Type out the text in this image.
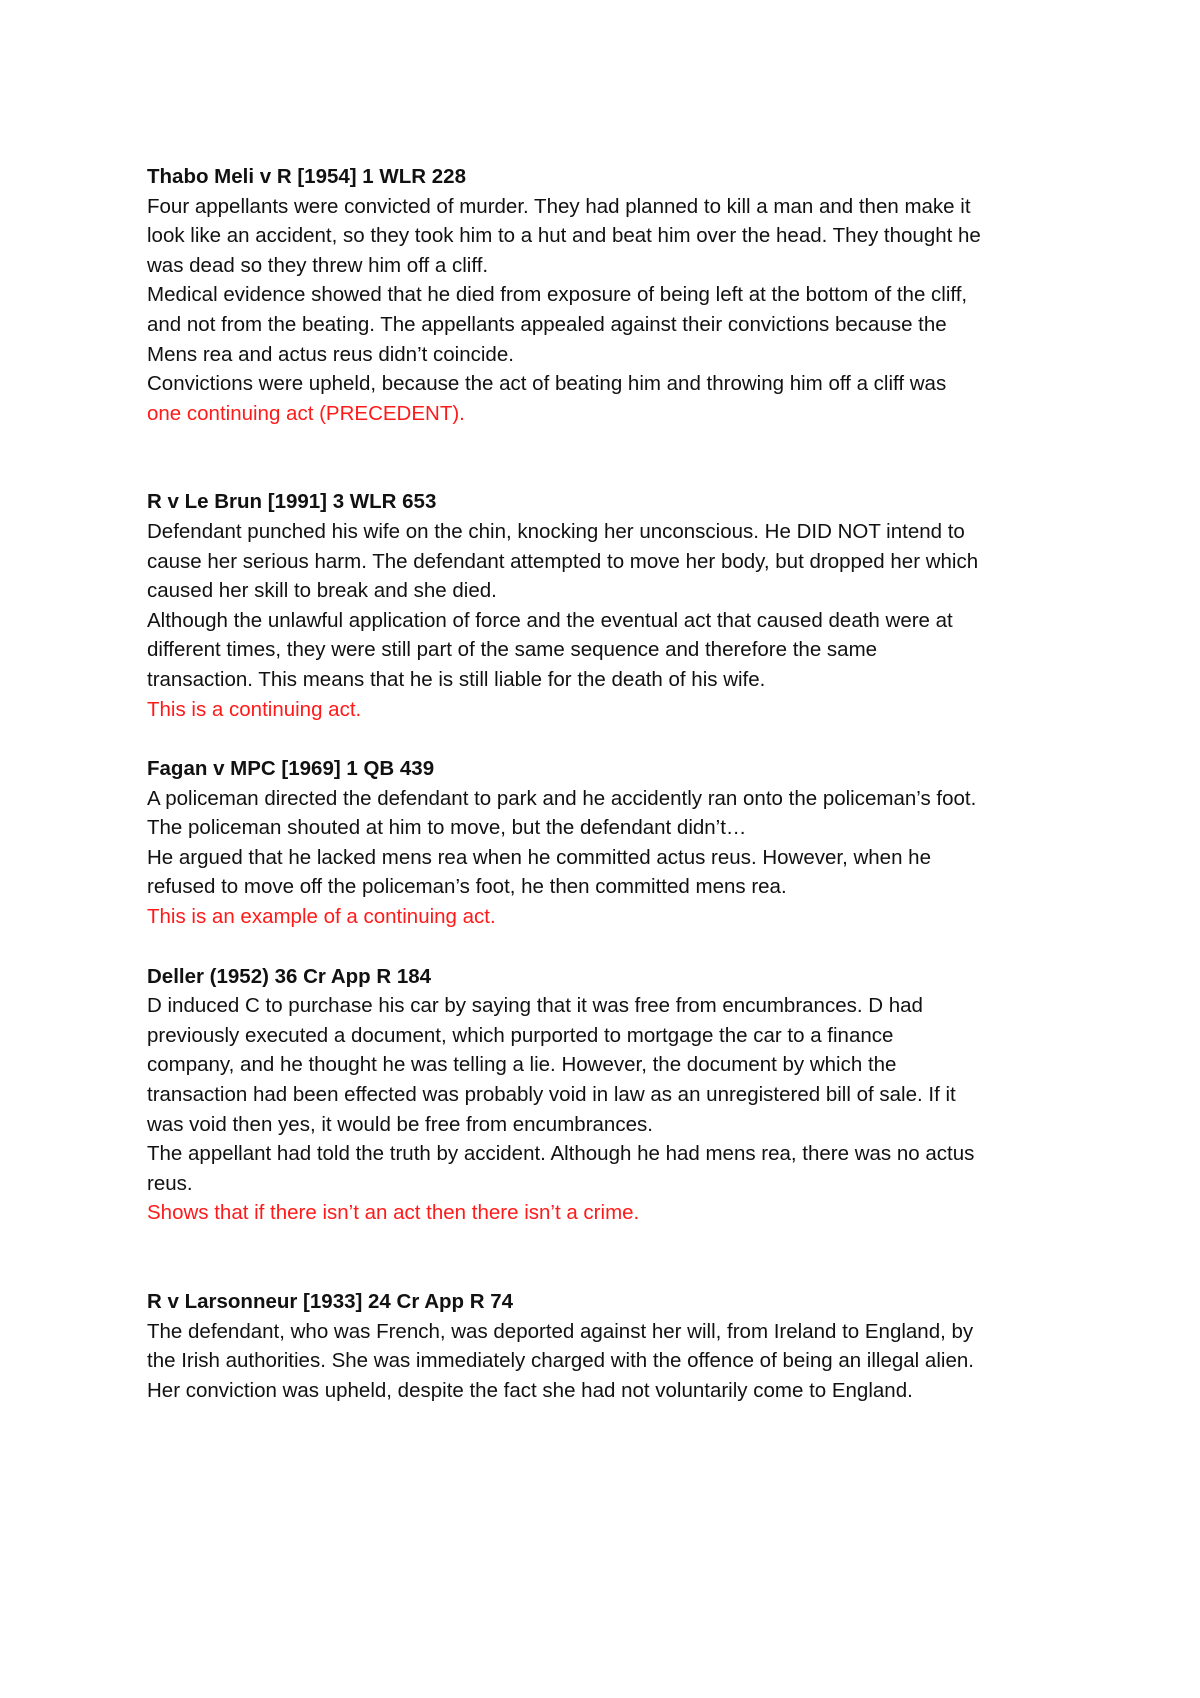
Thabo Meli v R [1954] 1 WLR 228

Four appellants were convicted of murder. They had planned to kill a man and then make it

look like an accident, so they took him to a hut and beat him over the head. They thought he

was dead so they threw him off a cliff.

Medical evidence showed that he died from exposure of being left at the bottom of the cliff,

and not from the beating. The appellants appealed against their convictions because the

Mens rea and actus reus didn’t coincide.

Convictions were upheld, because the act of beating him and throwing him off a cliff was

one continuing act (PRECEDENT).

R v Le Brun [1991] 3 WLR 653

Defendant punched his wife on the chin, knocking her unconscious. He DID NOT intend to

cause her serious harm. The defendant attempted to move her body, but dropped her which

caused her skill to break and she died.

Although the unlawful application of force and the eventual act that caused death were at

different times, they were still part of the same sequence and therefore the same

transaction. This means that he is still liable for the death of his wife.

This is a continuing act.

Fagan v MPC [1969] 1 QB 439

A policeman directed the defendant to park and he accidently ran onto the policeman’s foot.

The policeman shouted at him to move, but the defendant didn’t…

He argued that he lacked mens rea when he committed actus reus. However, when he

refused to move off the policeman’s foot, he then committed mens rea.

This is an example of a continuing act.

Deller (1952) 36 Cr App R 184

D induced C to purchase his car by saying that it was free from encumbrances. D had

previously executed a document, which purported to mortgage the car to a finance

company, and he thought he was telling a lie. However, the document by which the

transaction had been effected was probably void in law as an unregistered bill of sale. If it

was void then yes, it would be free from encumbrances.

The appellant had told the truth by accident. Although he had mens rea, there was no actus

reus.

Shows that if there isn’t an act then there isn’t a crime.

R v Larsonneur [1933] 24 Cr App R 74

The defendant, who was French, was deported against her will, from Ireland to England, by

the Irish authorities. She was immediately charged with the offence of being an illegal alien.

Her conviction was upheld, despite the fact she had not voluntarily come to England.
